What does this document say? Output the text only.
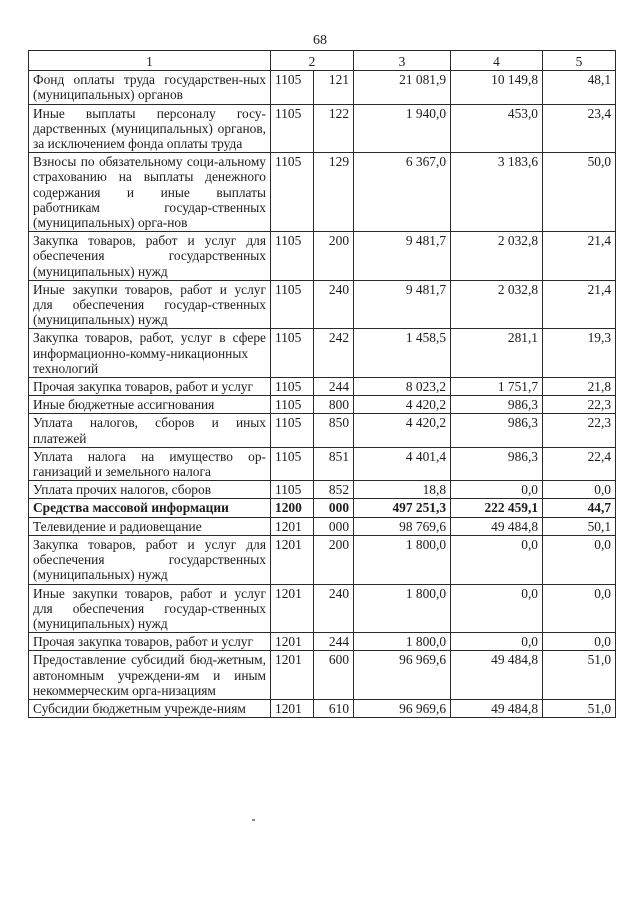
68
1	2		3	4	5
Фонд оплаты труда государствен-ных (муниципальных) органов	1105	121	21 081,9	10 149,8	48,1
Иные выплаты персоналу госу-дарственных (муниципальных) органов, за исключением фонда оплаты труда	1105	122	1 940,0	453,0	23,4
Взносы по обязательному соци-альному страхованию на выплаты денежного содержания и иные выплаты работникам государ-ственных (муниципальных) орга-нов	1105	129	6 367,0	3 183,6	50,0
Закупка товаров, работ и услуг для обеспечения государственных (муниципальных) нужд	1105	200	9 481,7	2 032,8	21,4
Иные закупки товаров, работ и услуг для обеспечения государ-ственных (муниципальных) нужд	1105	240	9 481,7	2 032,8	21,4
Закупка товаров, работ, услуг в сфере информационно-комму-никационных технологий	1105	242	1 458,5	281,1	19,3
Прочая закупка товаров, работ и услуг	1105	244	8 023,2	1 751,7	21,8
Иные бюджетные ассигнования	1105	800	4 420,2	986,3	22,3
Уплата налогов, сборов и иных платежей	1105	850	4 420,2	986,3	22,3
Уплата налога на имущество ор-ганизаций и земельного налога	1105	851	4 401,4	986,3	22,4
Уплата прочих налогов, сборов	1105	852	18,8	0,0	0,0
Средства массовой информации	1200	000	497 251,3	222 459,1	44,7
Телевидение и радиовещание	1201	000	98 769,6	49 484,8	50,1
Закупка товаров, работ и услуг для обеспечения государственных (муниципальных) нужд	1201	200	1 800,0	0,0	0,0
Иные закупки товаров, работ и услуг для обеспечения государ-ственных (муниципальных) нужд	1201	240	1 800,0	0,0	0,0
Прочая закупка товаров, работ и услуг	1201	244	1 800,0	0,0	0,0
Предоставление субсидий бюд-жетным, автономным учреждени-ям и иным некоммерческим орга-низациям	1201	600	96 969,6	49 484,8	51,0
Субсидии бюджетным учрежде-ниям	1201	610	96 969,6	49 484,8	51,0
